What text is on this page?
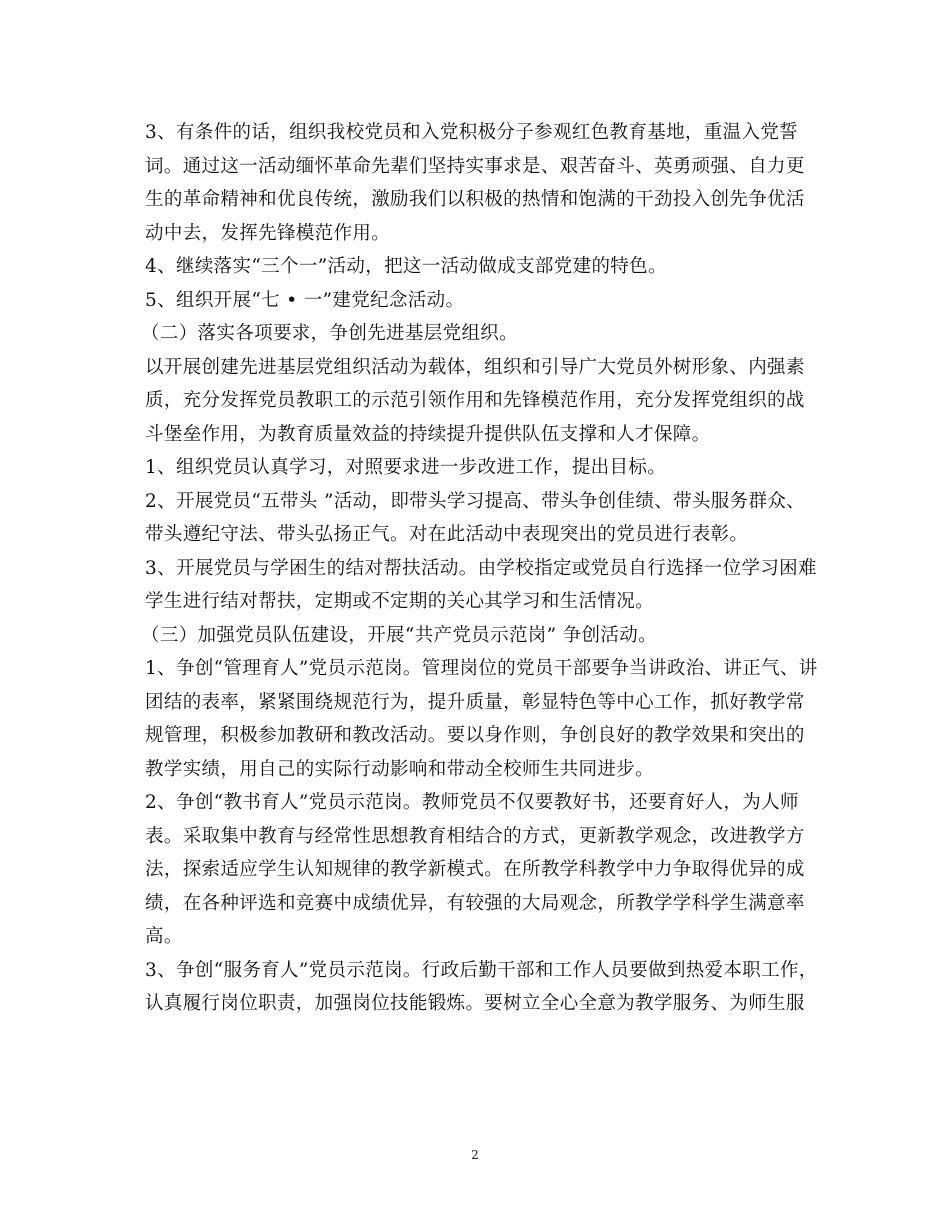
3、有条件的话，组织我校党员和入党积极分子参观红色教育基地，重温入党誓
词。通过这一活动缅怀革命先辈们坚持实事求是、艰苦奋斗、英勇顽强、自力更
生的革命精神和优良传统，激励我们以积极的热情和饱满的干劲投入创先争优活
动中去，发挥先锋模范作用。
4、继续落实“三个一”活动，把这一活动做成支部党建的特色。
5、组织开展“七 • 一”建党纪念活动。
（二）落实各项要求，争创先进基层党组织。
以开展创建先进基层党组织活动为载体，组织和引导广大党员外树形象、内强素
质，充分发挥党员教职工的示范引领作用和先锋模范作用，充分发挥党组织的战
斗堡垒作用，为教育质量效益的持续提升提供队伍支撑和人才保障。
1、组织党员认真学习，对照要求进一步改进工作，提出目标。
2、开展党员“五带头 ”活动，即带头学习提高、带头争创佳绩、带头服务群众、
带头遵纪守法、带头弘扬正气。对在此活动中表现突出的党员进行表彰。
3、开展党员与学困生的结对帮扶活动。由学校指定或党员自行选择一位学习困难
学生进行结对帮扶，定期或不定期的关心其学习和生活情况。
（三）加强党员队伍建设，开展“共产党员示范岗” 争创活动。
1、争创“管理育人”党员示范岗。管理岗位的党员干部要争当讲政治、讲正气、讲
团结的表率，紧紧围绕规范行为，提升质量，彰显特色等中心工作，抓好教学常
规管理，积极参加教研和教改活动。要以身作则，争创良好的教学效果和突出的
教学实绩，用自己的实际行动影响和带动全校师生共同进步。
2、争创“教书育人”党员示范岗。教师党员不仅要教好书，还要育好人，为人师
表。采取集中教育与经常性思想教育相结合的方式，更新教学观念，改进教学方
法，探索适应学生认知规律的教学新模式。在所教学科教学中力争取得优异的成
绩，在各种评选和竞赛中成绩优异，有较强的大局观念，所教学学科学生满意率
高。
3、争创“服务育人”党员示范岗。行政后勤干部和工作人员要做到热爱本职工作，
认真履行岗位职责，加强岗位技能锻炼。要树立全心全意为教学服务、为师生服
2
